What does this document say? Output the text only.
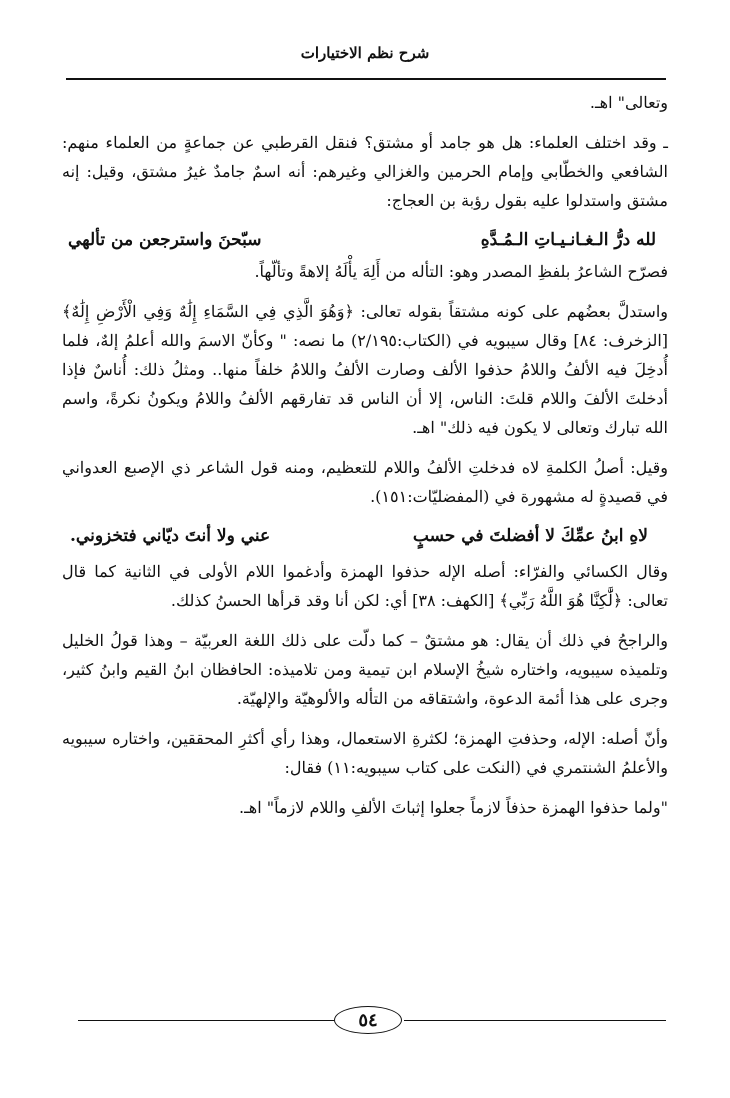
شرح نظم الاختيارات

وتعالى" اهـ.

ـ وقد اختلف العلماء: هل هو جامد أو مشتق؟ فنقل القرطبي عن جماعةٍ من العلماء منهم: الشافعي والخطّابي وإمام الحرمين والغزالي وغيرهم: أنه اسمٌ جامدٌ غيرُ مشتق، وقيل: إنه مشتق واستدلوا عليه بقول رؤبة بن العجاج:

لله درُّ الـغـانـيـاتِ الـمُـدَّهِ
سبّحنَ واسترجعن من تألهي

فصرّح الشاعرُ بلفظِ المصدر وهو: التأله من أَلِهَ يأْلَهُ إلاهةً وتألّهاً.

واستدلَّ بعضُهم على كونه مشتقاً بقوله تعالى: ﴿وَهُوَ الَّذِي فِي السَّمَاءِ إِلَٰهٌ وَفِي الْأَرْضِ إِلَٰهٌ﴾ [الزخرف: ٨٤] وقال سيبويه في (الكتاب:٢/١٩٥) ما نصه: " وكأنّ الاسمَ والله أعلمُ إلهٌ، فلما أُدخِلَ فيه الألفُ واللامُ حذفوا الألف وصارت الألفُ واللامُ خلفاً منها.. ومثلُ ذلك: أُناسٌ فإذا أدخلتَ الألفَ واللام قلتَ: الناس، إلا أن الناس قد تفارقهم الألفُ واللامُ ويكونُ نكرةً، واسم الله تبارك وتعالى لا يكون فيه ذلك" اهـ.

وقيل: أصلُ الكلمةِ لاه فدخلتِ الألفُ واللام للتعظيم، ومنه قول الشاعر ذي الإصبع العدواني في قصيدةٍ له مشهورة في (المفضليّات:١٥١).

لاهِ ابنُ عمِّكَ لا أفضلتَ في حسبٍ
عني ولا أنتَ ديّاني فتخزوني.

وقال الكسائي والفرّاء: أصله الإله حذفوا الهمزة وأدغموا اللام الأولى في الثانية كما قال تعالى: ﴿لَّٰكِنَّا هُوَ اللَّهُ رَبِّي﴾ [الكهف: ٣٨] أي: لكن أنا وقد قرأها الحسنُ كذلك.

والراجحُ في ذلك أن يقال: هو مشتقٌ – كما دلّت على ذلك اللغة العربيّة – وهذا قولُ الخليل وتلميذه سيبويه، واختاره شيخُ الإسلام ابن تيمية ومن تلاميذه: الحافظان ابنُ القيم وابنُ كثير، وجرى على هذا أئمة الدعوة، واشتقاقه من التأله والألوهيّة والإلهيّة.

وأنّ أصله: الإله، وحذفتِ الهمزة؛ لكثرةِ الاستعمال، وهذا رأي أكثرِ المحققين، واختاره سيبويه والأعلمُ الشنتمري في (النكت على كتاب سيبويه:١١) فقال:

"ولما حذفوا الهمزة حذفاً لازماً جعلوا إثباتَ الألفِ واللام لازماً" اهـ.

٥٤
